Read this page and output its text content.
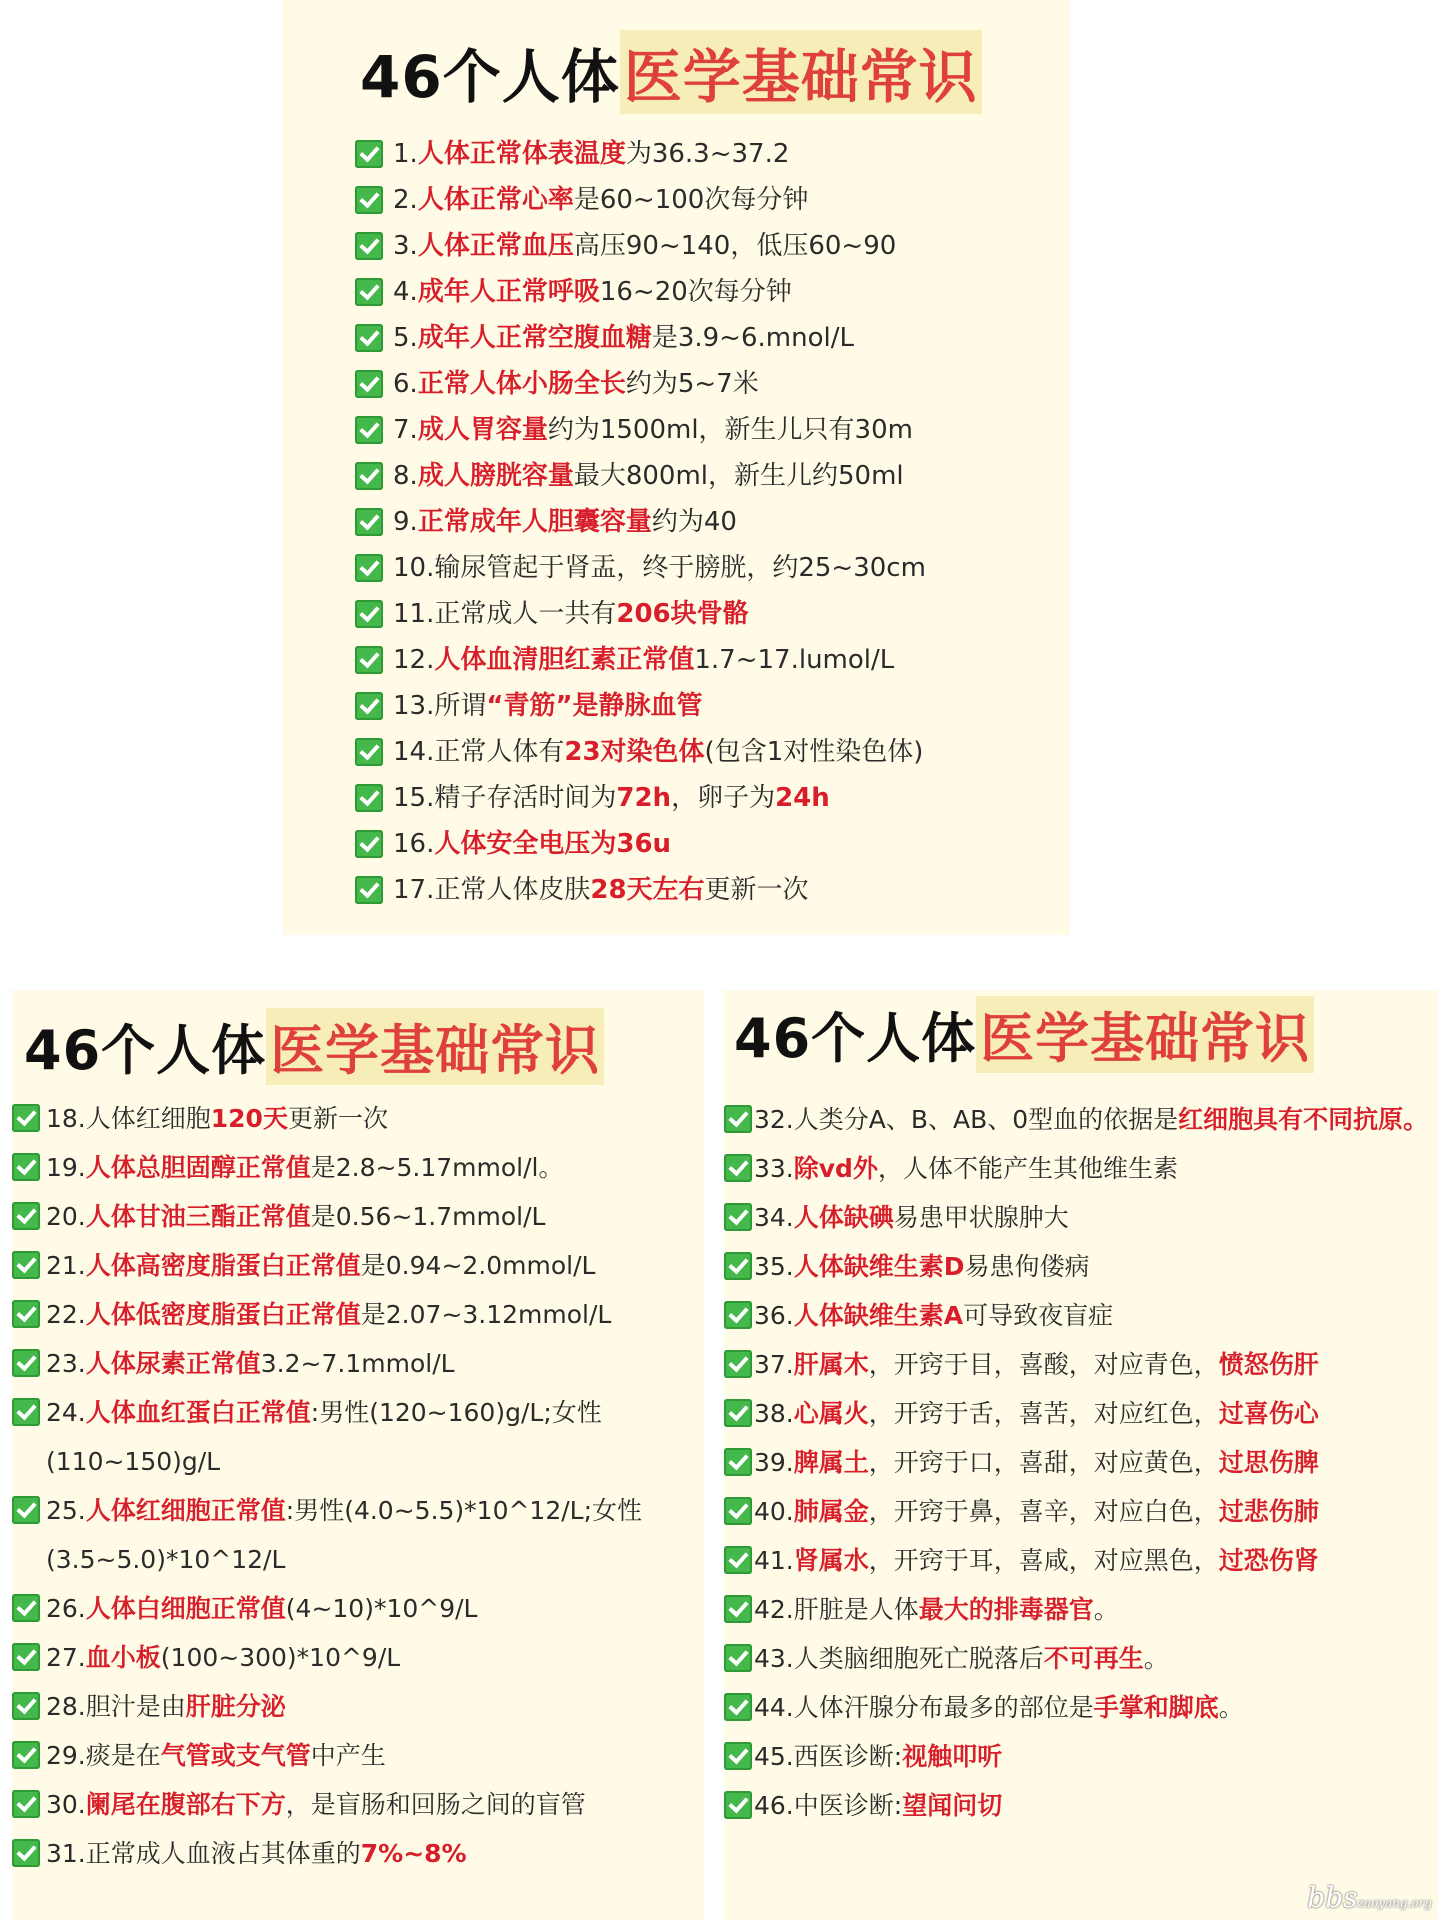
46个人体医学基础常识
1.人体正常体表温度为36.3~37.2
2.人体正常心率是60~100次每分钟
3.人体正常血压高压90~140，低压60~90
4.成年人正常呼吸16~20次每分钟
5.成年人正常空腹血糖是3.9~6.mnol/L
6.正常人体小肠全长约为5~7米
7.成人胃容量约为1500ml，新生儿只有30m
8.成人膀胱容量最大800ml，新生儿约50ml
9.正常成年人胆囊容量约为40
10.输尿管起于肾盂，终于膀胱，约25~30cm
11.正常成人一共有206块骨骼
12.人体血清胆红素正常值1.7~17.lumol/L
13.所谓“青筋”是静脉血管
14.正常人体有23对染色体(包含1对性染色体)
15.精子存活时间为72h，卵子为24h
16.人体安全电压为36u
17.正常人体皮肤28天左右更新一次
46个人体医学基础常识
18.人体红细胞120天更新一次
19.人体总胆固醇正常值是2.8~5.17mmol/l。
20.人体甘油三酯正常值是0.56~1.7mmol/L
21.人体高密度脂蛋白正常值是0.94~2.0mmol/L
22.人体低密度脂蛋白正常值是2.07~3.12mmol/L
23.人体尿素正常值3.2~7.1mmol/L
24.人体血红蛋白正常值:男性(120~160)g/L;女性(110~150)g/L
25.人体红细胞正常值:男性(4.0~5.5)*10^12/L;女性(3.5~5.0)*10^12/L
26.人体白细胞正常值(4~10)*10^9/L
27.血小板(100~300)*10^9/L
28.胆汁是由肝脏分泌
29.痰是在气管或支气管中产生
30.阑尾在腹部右下方，是盲肠和回肠之间的盲管
31.正常成人血液占其体重的7%~8%
46个人体医学基础常识
32.人类分A、B、AB、0型血的依据是红细胞具有不同抗原。
33.除vd外，人体不能产生其他维生素
34.人体缺碘易患甲状腺肿大
35.人体缺维生素D易患佝偻病
36.人体缺维生素A可导致夜盲症
37.肝属木，开窍于目，喜酸，对应青色，愤怒伤肝
38.心属火，开窍于舌，喜苦，对应红色，过喜伤心
39.脾属土，开窍于口，喜甜，对应黄色，过思伤脾
40.肺属金，开窍于鼻，喜辛，对应白色，过悲伤肺
41.肾属水，开窍于耳，喜咸，对应黑色，过恐伤肾
42.肝脏是人体最大的排毒器官。
43.人类脑细胞死亡脱落后不可再生。
44.人体汗腺分布最多的部位是手掌和脚底。
45.西医诊断:视触叩听
46.中医诊断:望闻问切
bbszaoyang.org
